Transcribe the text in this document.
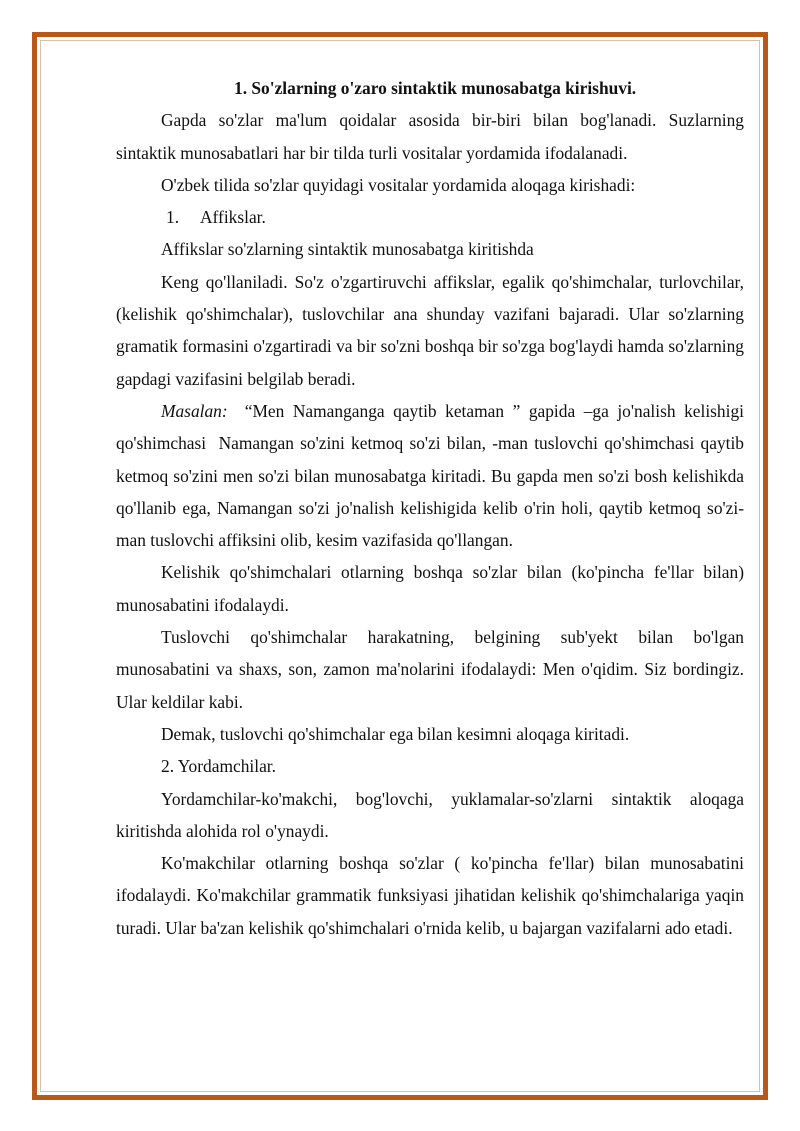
1. So'zlarning o'zaro sintaktik munosabatga kirishuvi.

Gapda so'zlar ma'lum qoidalar asosida bir-biri bilan bog'lanadi. Suzlarning sintaktik munosabatlari har bir tilda turli vositalar yordamida ifodalanadi.

O'zbek tilida so'zlar quyidagi vositalar yordamida aloqaga kirishadi:

1. Affikslar.

Affikslar so'zlarning sintaktik munosabatga kiritishda

Keng qo'llaniladi. So'z o'zgartiruvchi affikslar, egalik qo'shimchalar, turlovchilar, (kelishik qo'shimchalar), tuslovchilar ana shunday vazifani bajaradi. Ular so'zlarning gramatik formasini o'zgartiradi va bir so'zni boshqa bir so'zga bog'laydi hamda so'zlarning gapdagi vazifasini belgilab beradi.

Masalan:  “Men Namanganga qaytib ketaman ” gapida –ga jo'nalish kelishigi qo'shimchasi  Namangan so'zini ketmoq so'zi bilan, -man tuslovchi qo'shimchasi qaytib ketmoq so'zini men so'zi bilan munosabatga kiritadi. Bu gapda men so'zi bosh kelishikda qo'llanib ega, Namangan so'zi jo'nalish kelishigida kelib o'rin holi, qaytib ketmoq so'zi-man tuslovchi affiksini olib, kesim vazifasida qo'llangan.

Kelishik qo'shimchalari otlarning boshqa so'zlar bilan (ko'pincha fe'llar bilan) munosabatini ifodalaydi.

Tuslovchi qo'shimchalar harakatning, belgining sub'yekt bilan bo'lgan munosabatini va shaxs, son, zamon ma'nolarini ifodalaydi: Men o'qidim. Siz bordingiz. Ular keldilar kabi.

Demak, tuslovchi qo'shimchalar ega bilan kesimni aloqaga kiritadi.

2. Yordamchilar.

Yordamchilar-ko'makchi, bog'lovchi, yuklamalar-so'zlarni sintaktik aloqaga kiritishda alohida rol o'ynaydi.

Ko'makchilar otlarning boshqa so'zlar ( ko'pincha fe'llar) bilan munosabatini ifodalaydi. Ko'makchilar grammatik funksiyasi jihatidan kelishik qo'shimchalariga yaqin turadi. Ular ba'zan kelishik qo'shimchalari o'rnida kelib, u bajargan vazifalarni ado etadi.
